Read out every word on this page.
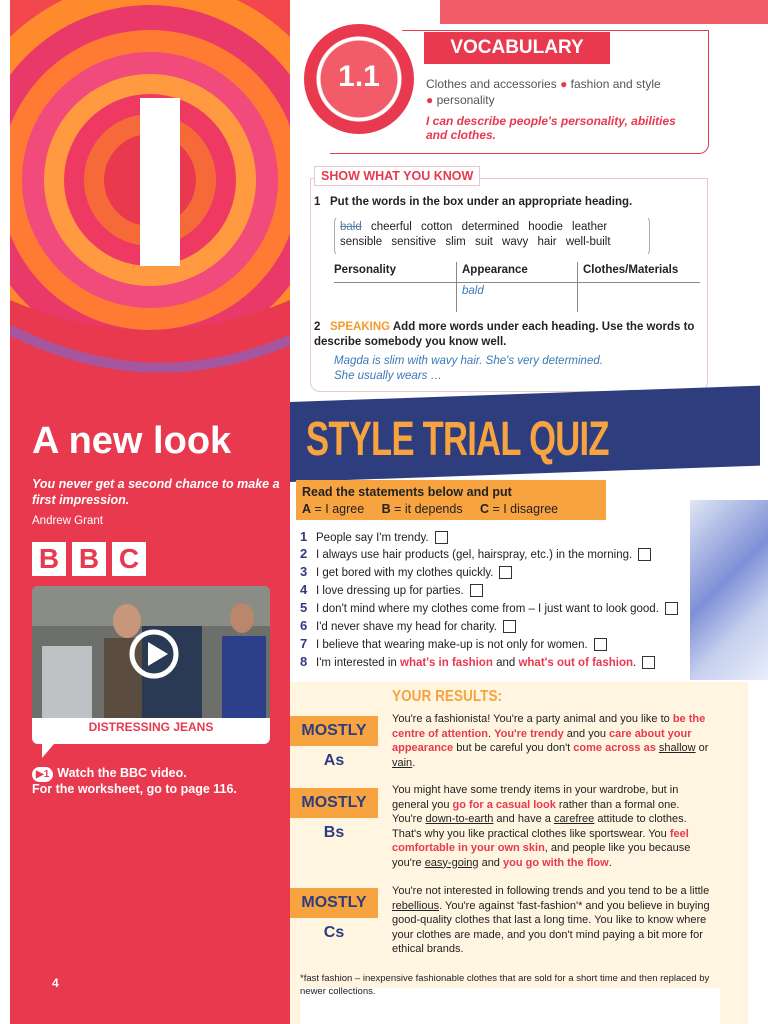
A new look
You never get a second chance to make a first impression.
Andrew Grant
B B C
DISTRESSING JEANS
▶1 Watch the BBC video.
For the worksheet, go to page 116.
4
1.1
VOCABULARY
Clothes and accessories ● fashion and style
● personality
I can describe people's personality, abilities and clothes.
SHOW WHAT YOU KNOW
1 Put the words in the box under an appropriate heading.
bald cheerful cotton determined hoodie leather
sensible sensitive slim suit wavy hair well-built
Personality	Appearance	Clothes/Materials
bald
2 SPEAKING Add more words under each heading. Use the words to describe somebody you know well.
Magda is slim with wavy hair. She's very determined.
She usually wears …
STYLE TRIAL QUIZ
Read the statements below and put
A = I agree B = it depends C = I disagree
1 People say I'm trendy.
2 I always use hair products (gel, hairspray, etc.) in the morning.
3 I get bored with my clothes quickly.
4 I love dressing up for parties.
5 I don't mind where my clothes come from – I just want to look good.
6 I'd never shave my head for charity.
7 I believe that wearing make-up is not only for women.
8 I'm interested in what's in fashion and what's out of fashion.
YOUR RESULTS:
MOSTLY As
You're a fashionista! You're a party animal and you like to be the centre of attention. You're trendy and you care about your appearance but be careful you don't come across as shallow or vain.
MOSTLY Bs
You might have some trendy items in your wardrobe, but in general you go for a casual look rather than a formal one. You're down-to-earth and have a carefree attitude to clothes. That's why you like practical clothes like sportswear. You feel comfortable in your own skin, and people like you because you're easy-going and you go with the flow.
MOSTLY Cs
You're not interested in following trends and you tend to be a little rebellious. You're against 'fast-fashion'* and you believe in buying good-quality clothes that last a long time. You like to know where your clothes are made, and you don't mind paying a bit more for ethical brands.
*fast fashion – inexpensive fashionable clothes that are sold for a short time and then replaced by newer collections.
